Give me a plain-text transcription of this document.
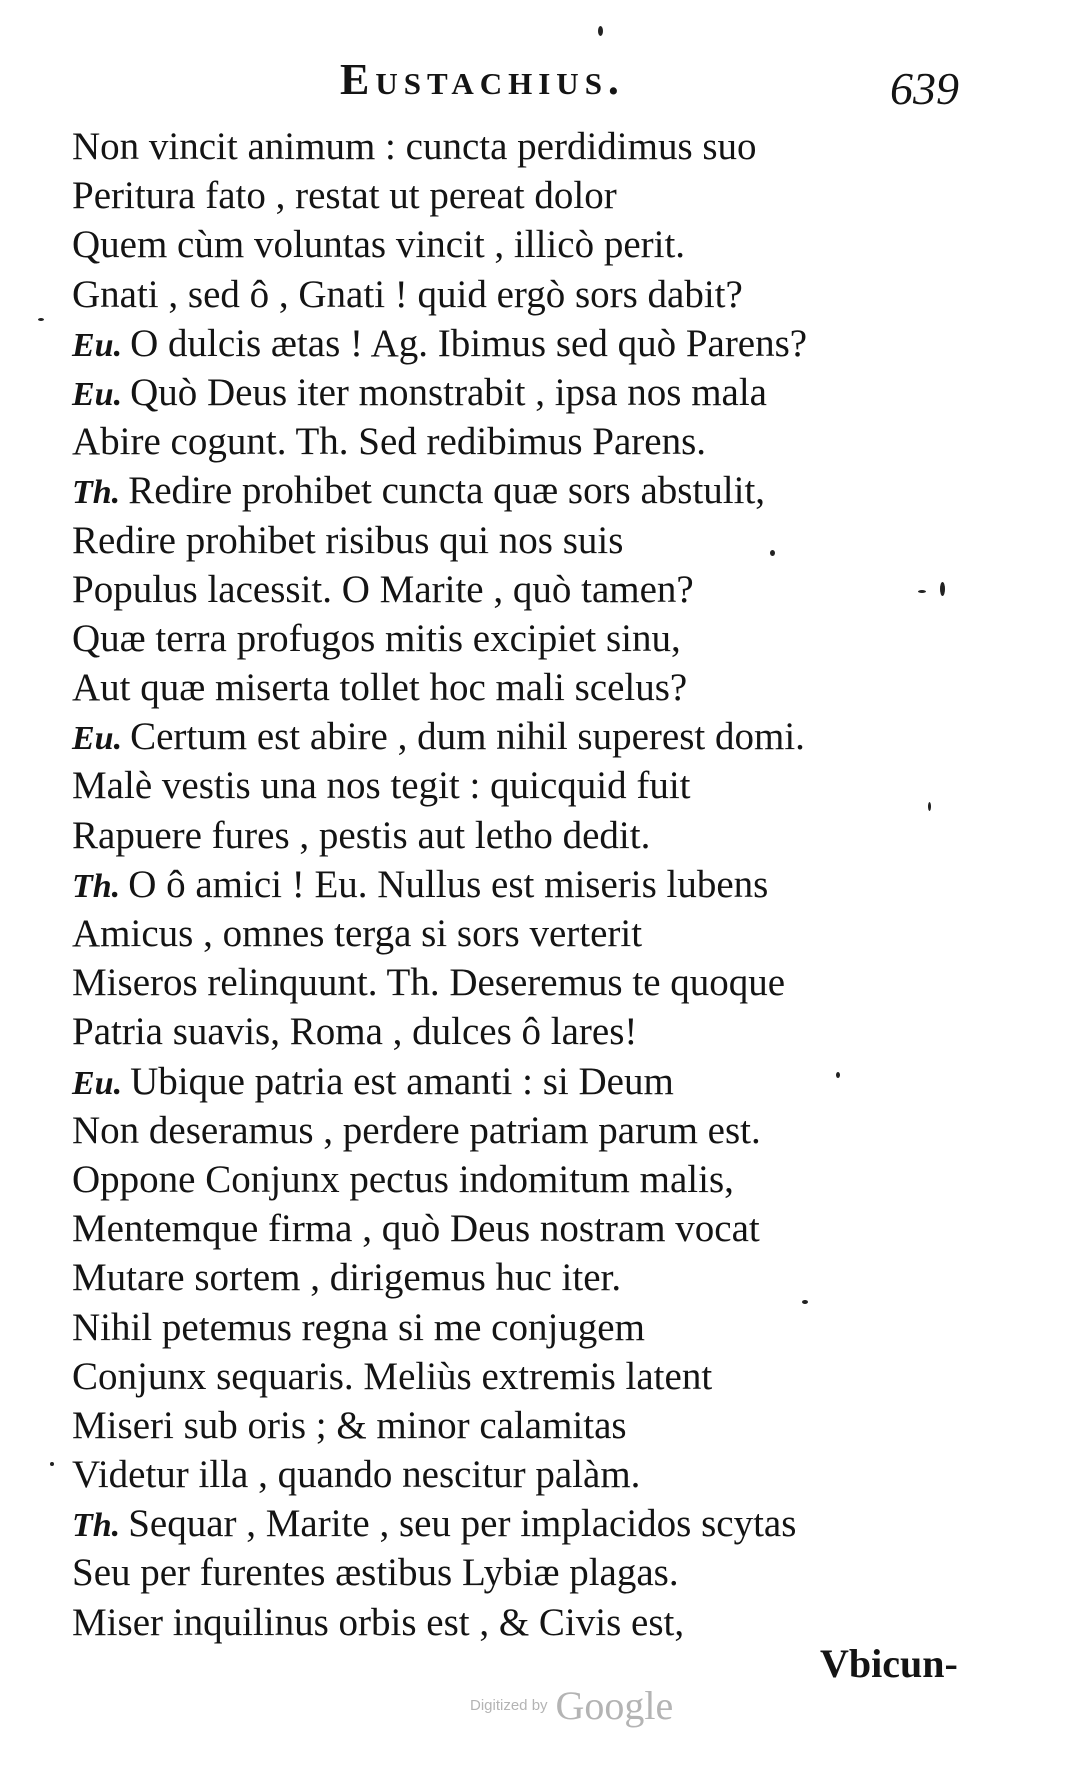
Eustachius.	639
Non vincit animum : cuncta perdidimus suo
Peritura fato , restat ut pereat dolor
Quem cùm voluntas vincit , illicò perit.
Gnati , sed ô , Gnati ! quid ergò sors dabit?
Eu. O dulcis ætas ! Ag. Ibimus sed quò Parens?
Eu. Quò Deus iter monstrabit , ipsa nos mala
Abire cogunt. Th. Sed redibimus Parens.
Th. Redire prohibet cuncta quæ sors abstulit,
Redire prohibet risibus qui nos suis
Populus lacessit. O Marite , quò tamen?
Quæ terra profugos mitis excipiet sinu,
Aut quæ miserta tollet hoc mali scelus?
Eu. Certum est abire , dum nihil superest domi.
Malè vestis una nos tegit : quicquid fuit
Rapuere fures , pestis aut letho dedit.
Th. O ô amici ! Eu. Nullus est miseris lubens
Amicus , omnes terga si sors verterit
Miseros relinquunt. Th. Deseremus te quoque
Patria suavis, Roma , dulces ô lares!
Eu. Ubique patria est amanti : si Deum
Non deseramus , perdere patriam parum est.
Oppone Conjunx pectus indomitum malis,
Mentemque firma , quò Deus nostram vocat
Mutare sortem , dirigemus huc iter.
Nihil petemus regna si me conjugem
Conjunx sequaris. Meliùs extremis latent
Miseri sub oris ; & minor calamitas
Videtur illa , quando nescitur palàm.
Th. Sequar , Marite , seu per implacidos scytas
Seu per furentes æstibus Lybiæ plagas.
Miser inquilinus orbis est , & Civis est,
Vbicun-
Digitized by Google
